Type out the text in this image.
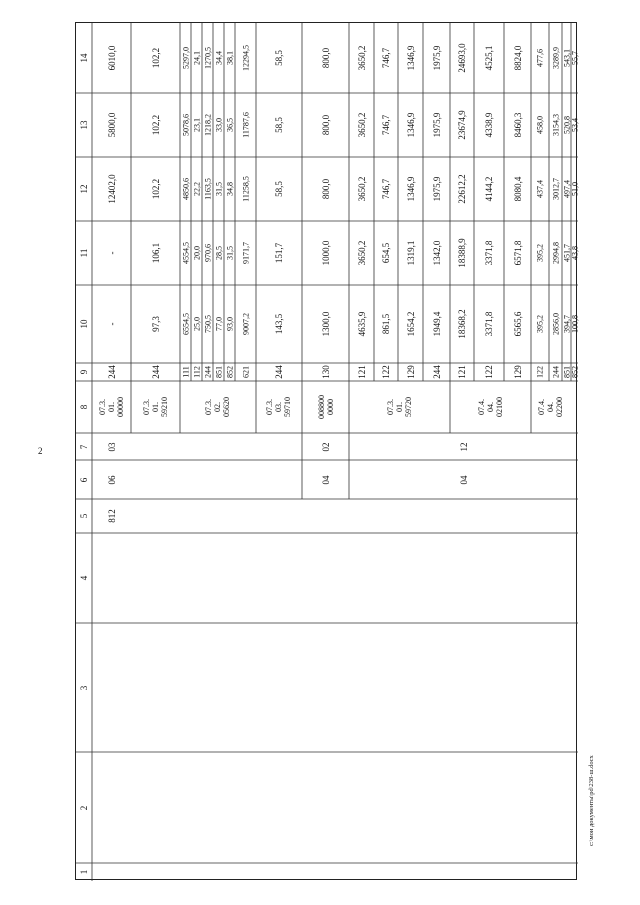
2
c:\мои документы\pd\238-ш.docx
1
2
3
4
5
6
7
8
9
10
11
12
13
14
812
06
03
07.3.
01.
00000
244
-
-
12402,0
5800,0
6010,0
07.3.
01.
59210
244
97,3
106,1
102,2
102,2
102,2
07.3.
02.
05620
111
6554,5
4554,5
4850,6
5078,6
5297,0
112
25,0
20,0
22,2
23,1
24,1
244
750,5
970,6
1163,5
1218,2
1270,5
851
77,0
28,5
31,5
33,0
34,4
852
93,0
31,5
34,8
36,5
38,1
621
9007,2
9171,7
11258,5
11787,6
12294,5
07.3.
03.
59710
244
143,5
151,7
58,5
58,5
58,5
04
02
008800
0000
130
1300,0
1000,0
800,0
800,0
800,0
04
12
07.3.
01.
59720
121
4635,9
3650,2
3650,2
3650,2
3650,2
122
861,5
654,5
746,7
746,7
746,7
129
1654,2
1319,1
1346,9
1346,9
1346,9
244
1949,4
1342,0
1975,9
1975,9
1975,9
07.4.
04.
02100
121
18368,2
18388,9
22612,2
23674,9
24693,0
122
3371,8
3371,8
4144,2
4338,9
4525,1
129
6565,6
6571,8
8080,4
8460,3
8824,0
07.4.
04.
02200
122
395,2
395,2
437,4
458,0
477,6
244
2856,0
2994,8
3012,7
3154,3
3289,9
851
394,7
451,7
497,4
520,8
543,1
852
100,8
43,8
51,0
53,4
55,7
